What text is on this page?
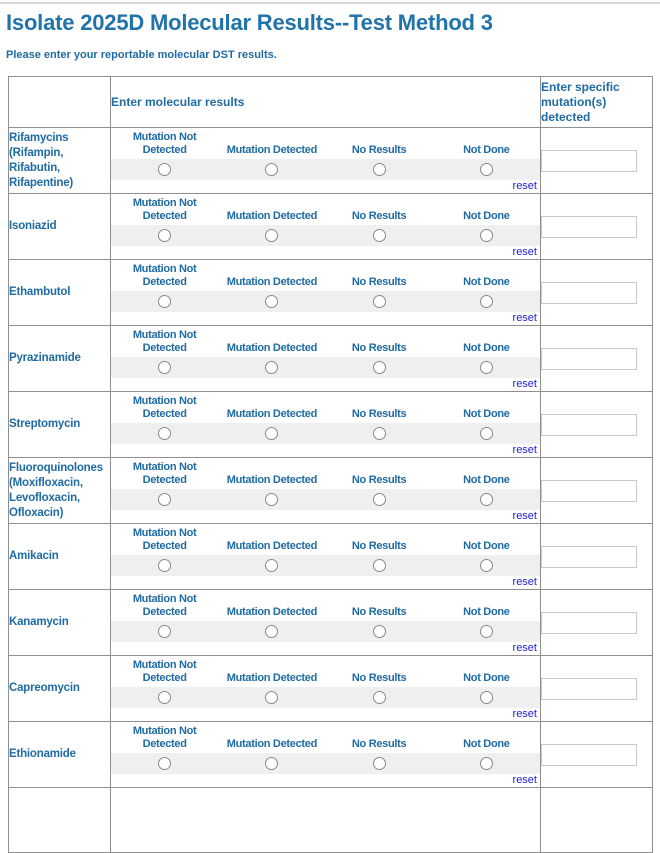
Isolate 2025D Molecular Results--Test Method 3

Please enter your reportable molecular DST results.

	Enter molecular results	Enter specific mutation(s) detected
Rifamycins (Rifampin, Rifabutin, Rifapentine)	Mutation Not Detected Mutation Detected No Results Not Done
reset

Isoniazid	Mutation Not Detected Mutation Detected No Results Not Done
reset

Ethambutol	Mutation Not Detected Mutation Detected No Results Not Done
reset

Pyrazinamide	Mutation Not Detected Mutation Detected No Results Not Done
reset

Streptomycin	Mutation Not Detected Mutation Detected No Results Not Done
reset

Fluoroquinolones (Moxifloxacin, Levofloxacin, Ofloxacin)	Mutation Not Detected Mutation Detected No Results Not Done
reset

Amikacin	Mutation Not Detected Mutation Detected No Results Not Done
reset

Kanamycin	Mutation Not Detected Mutation Detected No Results Not Done
reset

Capreomycin	Mutation Not Detected Mutation Detected No Results Not Done
reset

Ethionamide	Mutation Not Detected Mutation Detected No Results Not Done
reset
